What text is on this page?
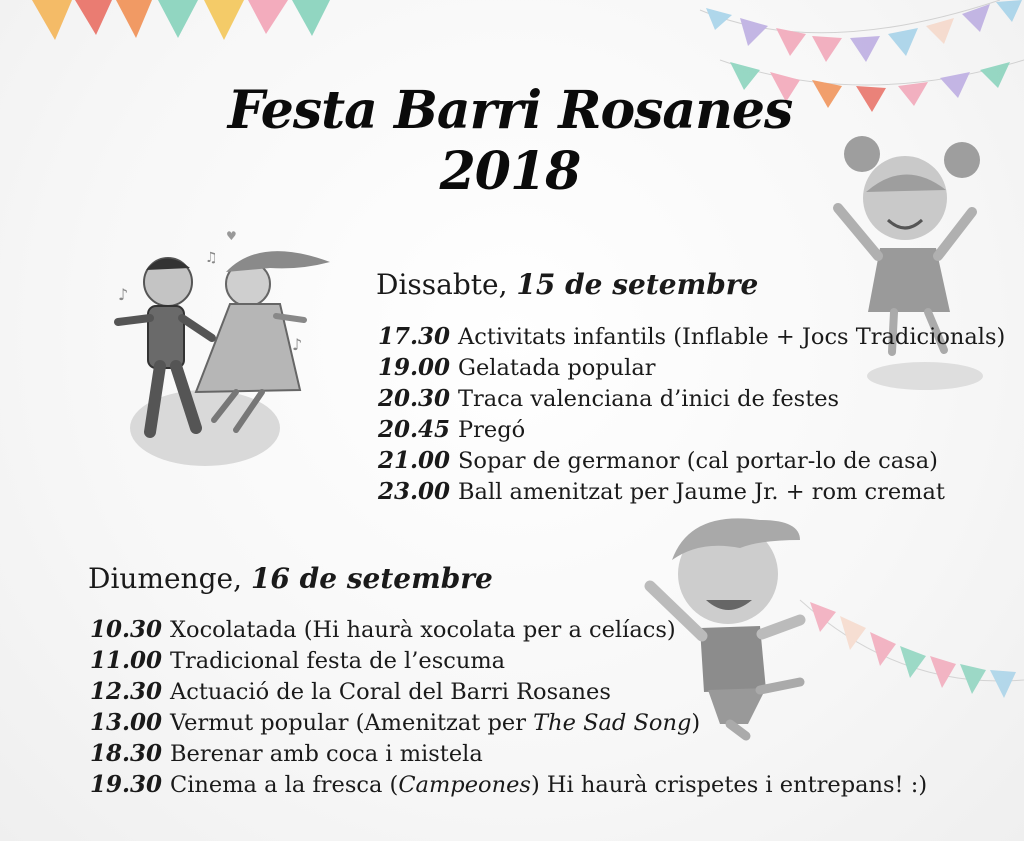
♪
♫
♪
♥
Festa Barri Rosanes 2018
Dissabte, 15 de setembre
17.30 Activitats infantils (Inflable + Jocs Tradicionals)
19.00 Gelatada popular
20.30 Traca valenciana d’inici de festes
20.45 Pregó
21.00 Sopar de germanor (cal portar-lo de casa)
23.00 Ball amenitzat per Jaume Jr. + rom cremat
Diumenge, 16 de setembre
10.30 Xocolatada (Hi haurà xocolata per a celíacs)
11.00 Tradicional festa de l’escuma
12.30 Actuació de la Coral del Barri Rosanes
13.00 Vermut popular (Amenitzat per The Sad Song)
18.30 Berenar amb coca i mistela
19.30 Cinema a la fresca (Campeones) Hi haurà crispetes i entrepans! :)
